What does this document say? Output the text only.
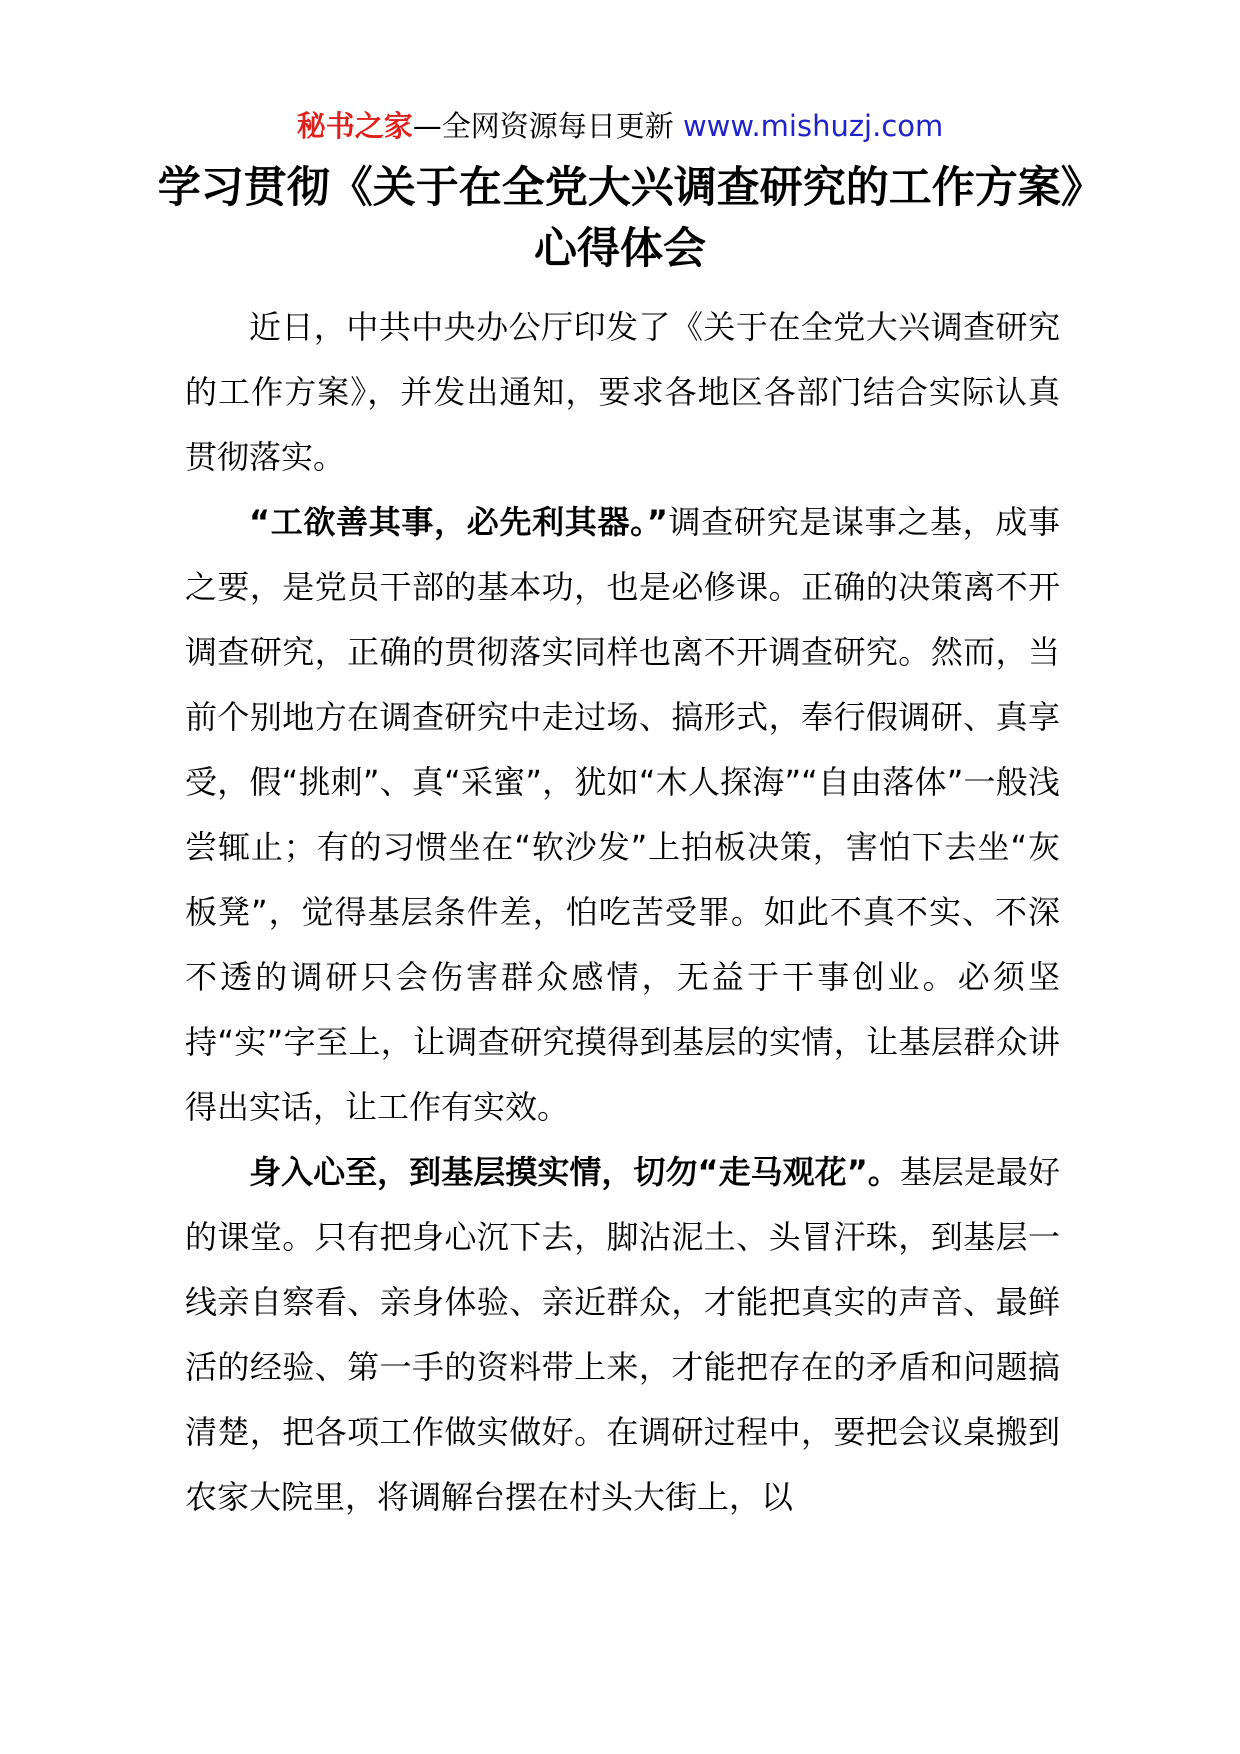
秘书之家—全网资源每日更新 www.mishuzj.com
学习贯彻《关于在全党大兴调查研究的工作方案》心得体会

近日，中共中央办公厅印发了《关于在全党大兴调查研究的工作方案》，并发出通知，要求各地区各部门结合实际认真贯彻落实。

“工欲善其事，必先利其器。”调查研究是谋事之基，成事之要，是党员干部的基本功，也是必修课。正确的决策离不开调查研究，正确的贯彻落实同样也离不开调查研究。然而，当前个别地方在调查研究中走过场、搞形式，奉行假调研、真享受，假“挑刺”、真“采蜜”，犹如“木人探海”“自由落体”一般浅尝辄止；有的习惯坐在“软沙发”上拍板决策，害怕下去坐“灰板凳”，觉得基层条件差，怕吃苦受罪。如此不真不实、不深不透的调研只会伤害群众感情，无益于干事创业。必须坚持“实”字至上，让调查研究摸得到基层的实情，让基层群众讲得出实话，让工作有实效。

身入心至，到基层摸实情，切勿“走马观花”。基层是最好的课堂。只有把身心沉下去，脚沾泥土、头冒汗珠，到基层一线亲自察看、亲身体验、亲近群众，才能把真实的声音、最鲜活的经验、第一手的资料带上来，才能把存在的矛盾和问题搞清楚，把各项工作做实做好。在调研过程中，要把会议桌搬到农家大院里，将调解台摆在村头大街上，以
